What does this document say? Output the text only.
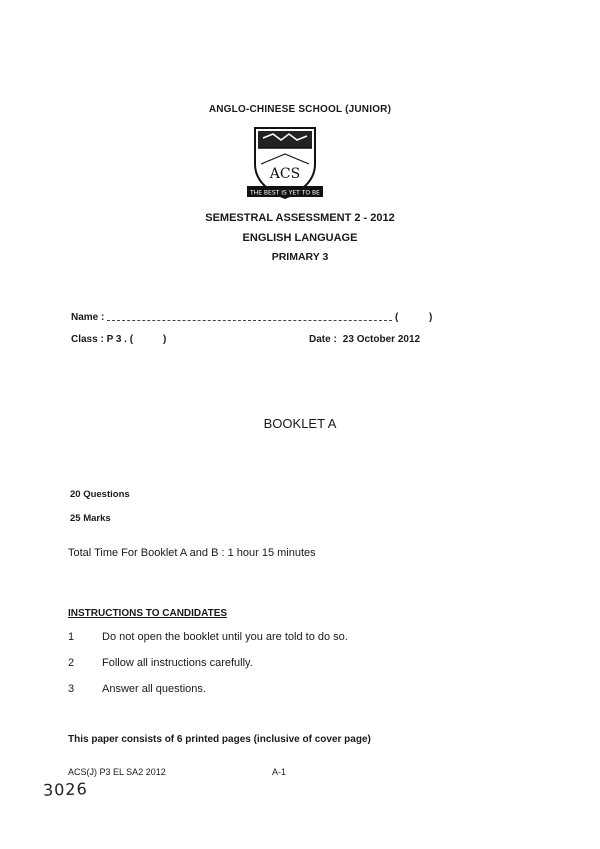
ANGLO-CHINESE SCHOOL (JUNIOR)
ACS
THE BEST IS YET TO BE
SEMESTRAL ASSESSMENT 2 - 2012
ENGLISH LANGUAGE
PRIMARY 3
Name :	(	)
Class : P 3 . (	)	Date : 23 October 2012
BOOKLET A
20 Questions
25 Marks
Total Time For Booklet A and B : 1 hour 15 minutes
INSTRUCTIONS TO CANDIDATES
1	Do not open the booklet until you are told to do so.
2	Follow all instructions carefully.
3	Answer all questions.
This paper consists of 6 printed pages (inclusive of cover page)
ACS(J) P3 EL SA2 2012	A-1
3026
